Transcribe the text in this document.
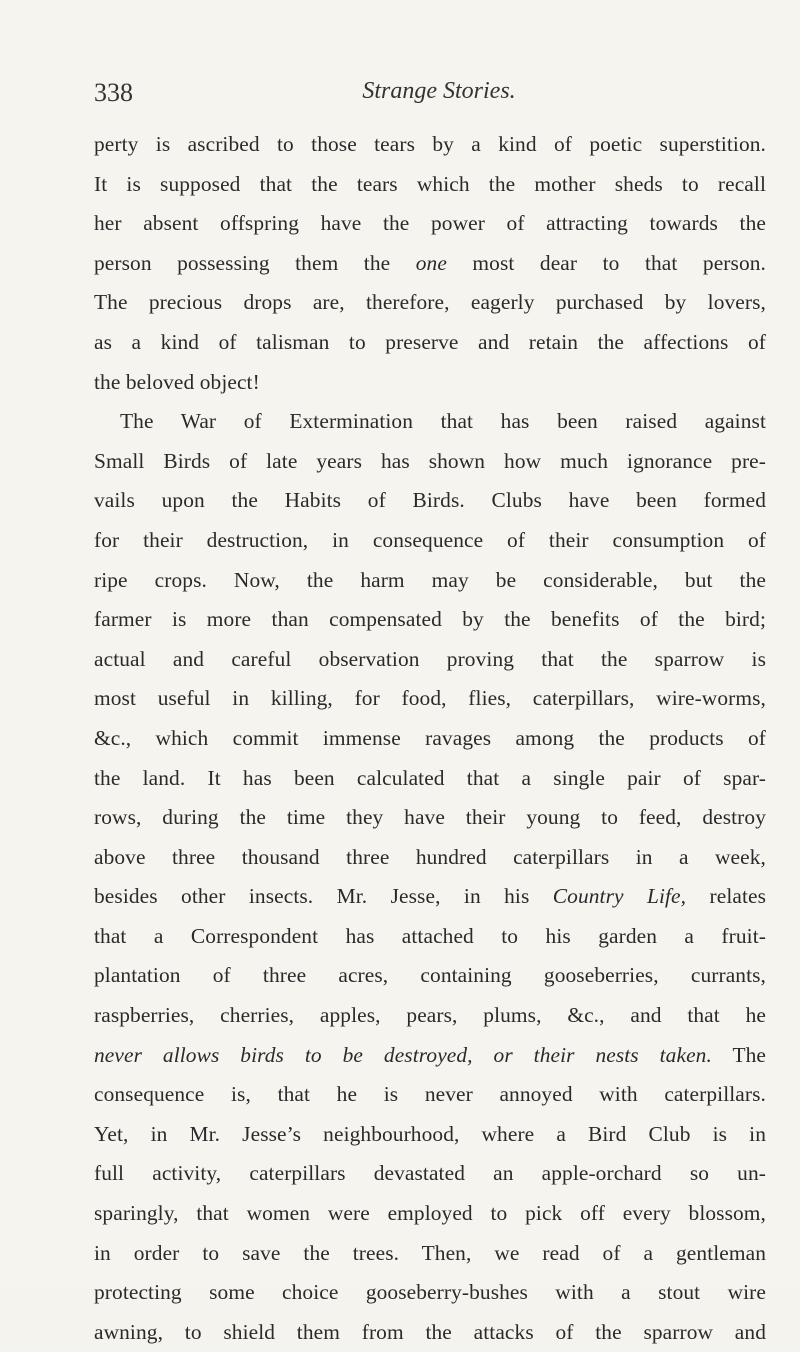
338	Strange Stories.
perty is ascribed to those tears by a kind of poetic superstition.
It is supposed that the tears which the mother sheds to recall
her absent offspring have the power of attracting towards the
person possessing them the one most dear to that person.
The precious drops are, therefore, eagerly purchased by lovers,
as a kind of talisman to preserve and retain the affections of
the beloved object!
The War of Extermination that has been raised against
Small Birds of late years has shown how much ignorance pre-
vails upon the Habits of Birds. Clubs have been formed
for their destruction, in consequence of their consumption of
ripe crops. Now, the harm may be considerable, but the
farmer is more than compensated by the benefits of the bird;
actual and careful observation proving that the sparrow is
most useful in killing, for food, flies, caterpillars, wire-worms,
&c., which commit immense ravages among the products of
the land. It has been calculated that a single pair of spar-
rows, during the time they have their young to feed, destroy
above three thousand three hundred caterpillars in a week,
besides other insects. Mr. Jesse, in his Country Life, relates
that a Correspondent has attached to his garden a fruit-
plantation of three acres, containing gooseberries, currants,
raspberries, cherries, apples, pears, plums, &c., and that he
never allows birds to be destroyed, or their nests taken. The
consequence is, that he is never annoyed with caterpillars.
Yet, in Mr. Jesse’s neighbourhood, where a Bird Club is in
full activity, caterpillars devastated an apple-orchard so un-
sparingly, that women were employed to pick off every blossom,
in order to save the trees. Then, we read of a gentleman
protecting some choice gooseberry-bushes with a stout wire
awning, to shield them from the attacks of the sparrow and
